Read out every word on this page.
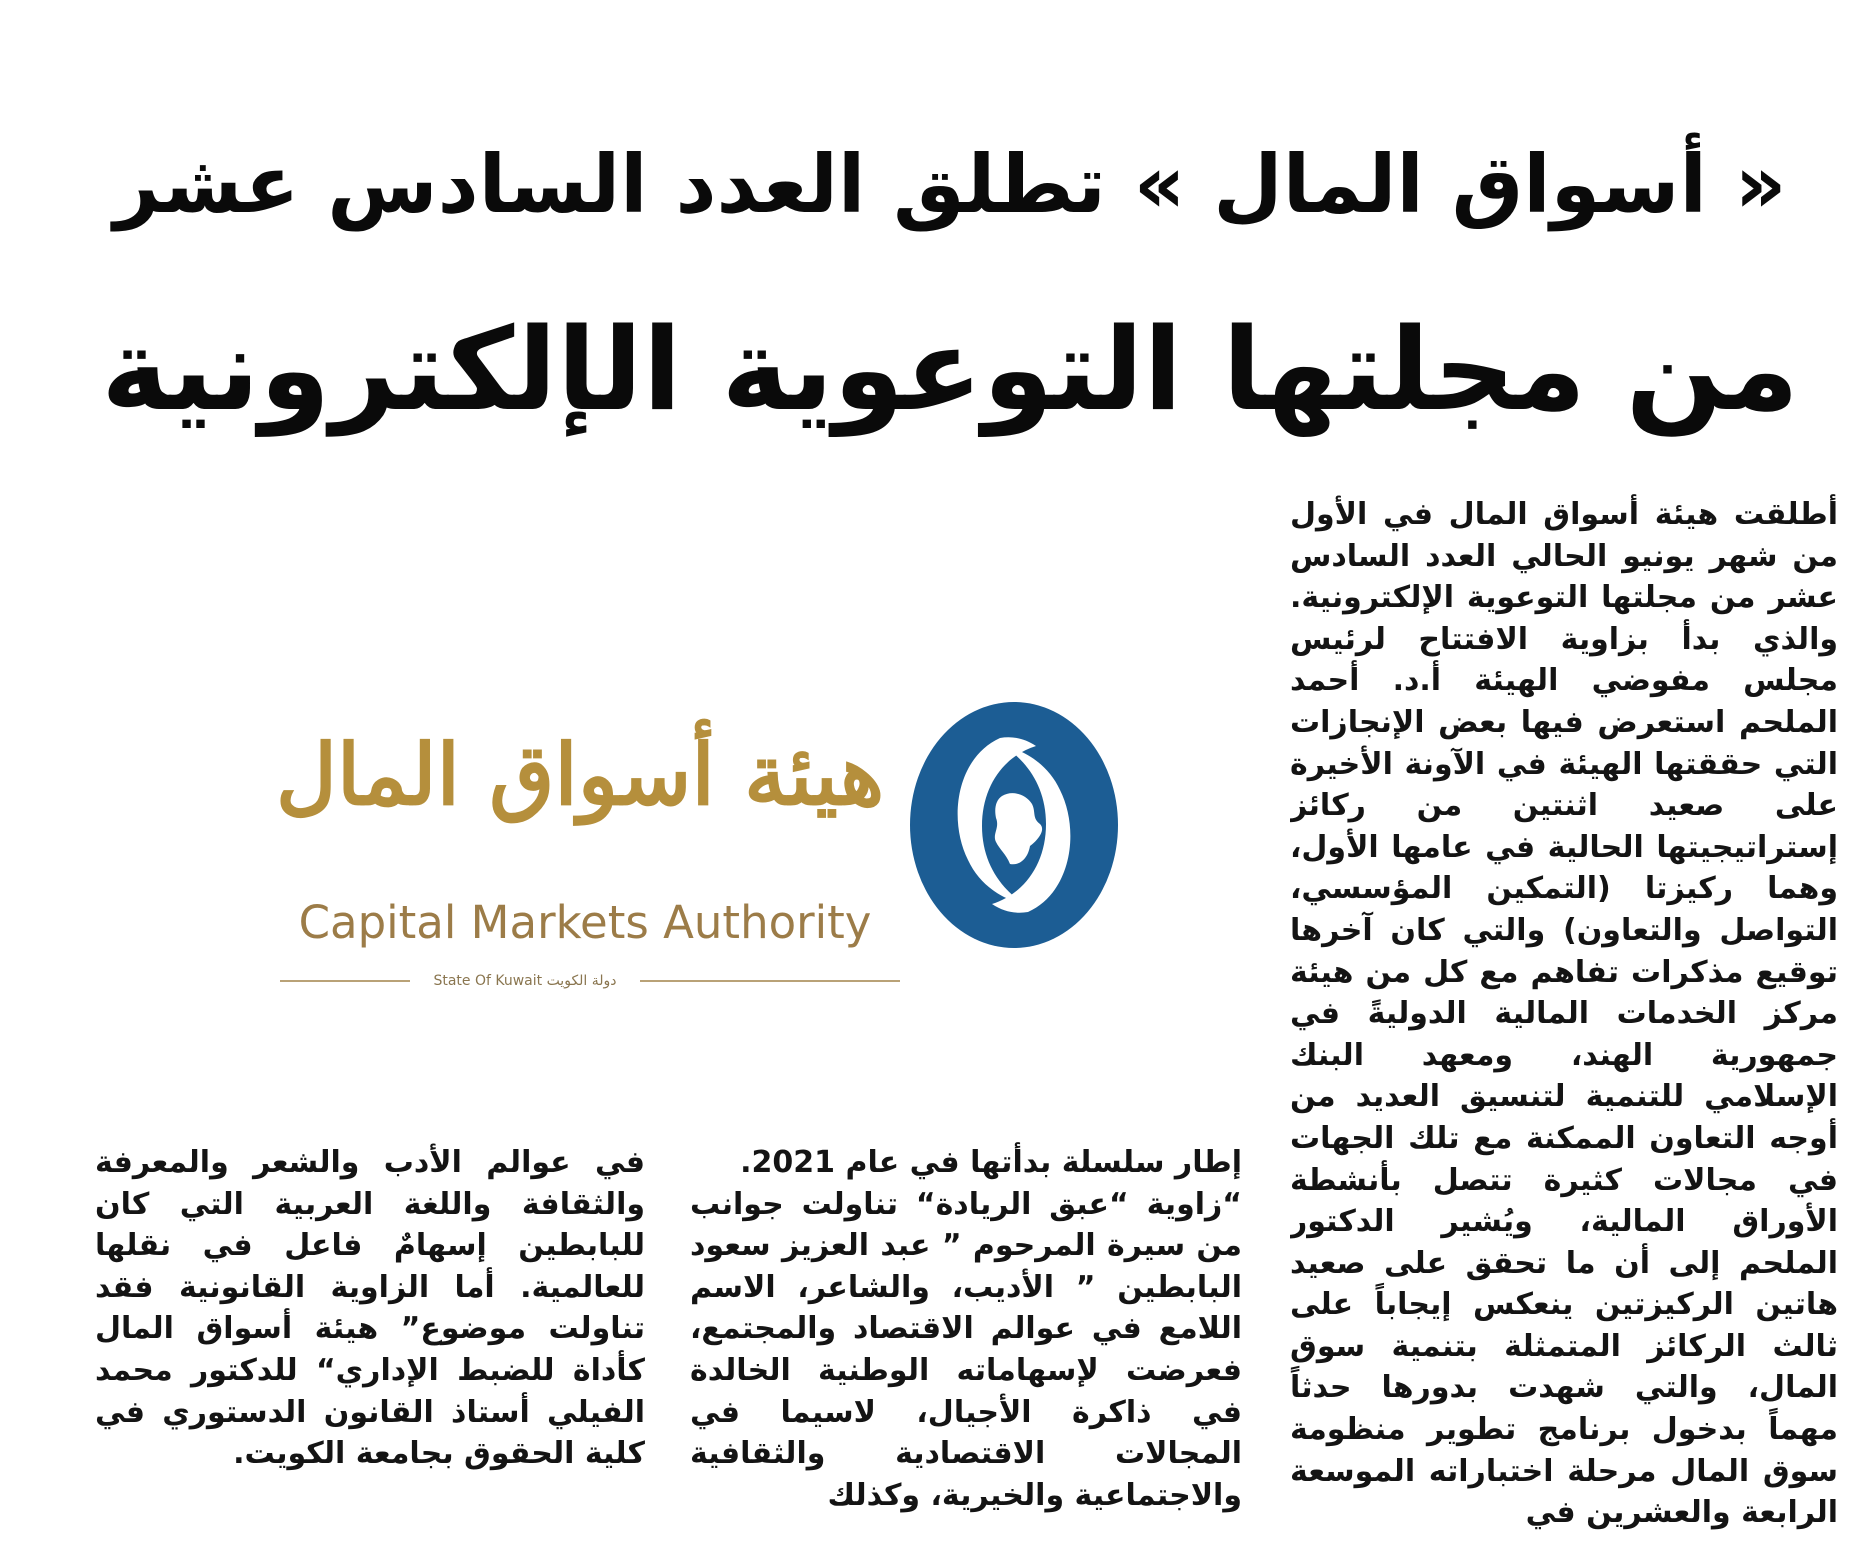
« أسواق المال » تطلق العدد السادس عشر
من مجلتها التوعوية الإلكترونية

هيئة أسواق المال

Capital Markets Authority

State Of Kuwait دولة الكويت

أطلقت هيئة أسواق المال في الأول من شهر يونيو الحالي العدد السادس عشر من مجلتها التوعوية الإلكترونية. والذي بدأ بزاوية الافتتاح لرئيس مجلس مفوضي الهيئة أ.د. أحمد الملحم استعرض فيها بعض الإنجازات التي حققتها الهيئة في الآونة الأخيرة على صعيد اثنتين من ركائز إستراتيجيتها الحالية في عامها الأول، وهما ركيزتا (التمكين المؤسسي، التواصل والتعاون) والتي كان آخرها توقيع مذكرات تفاهم مع كل من هيئة مركز الخدمات المالية الدوليةً في جمهورية الهند، ومعهد البنك الإسلامي للتنمية لتنسيق العديد من أوجه التعاون الممكنة مع تلك الجهات في مجالات كثيرة تتصل بأنشطة الأوراق المالية، ويُشير الدكتور الملحم إلى أن ما تحقق على صعيد هاتين الركيزتين ينعكس إيجاباً على ثالث الركائز المتمثلة بتنمية سوق المال، والتي شهدت بدورها حدثاً مهماً بدخول برنامج تطوير منظومة سوق المال مرحلة اختباراته الموسعة الرابعة والعشرين في

إطار سلسلة بدأتها في عام 2021.

“زاوية “عبق الريادة“ تناولت جوانب من سيرة المرحوم ” عبد العزيز سعود البابطين ” الأديب، والشاعر، الاسم اللامع في عوالم الاقتصاد والمجتمع، فعرضت لإسهاماته الوطنية الخالدة في ذاكرة الأجيال، لاسيما في المجالات الاقتصادية والثقافية والاجتماعية والخيرية، وكذلك

في عوالم الأدب والشعر والمعرفة والثقافة واللغة العربية التي كان للبابطين إسهامٌ فاعل في نقلها للعالمية. أما الزاوية القانونية فقد تناولت موضوع” هيئة أسواق المال كأداة للضبط الإداري“ للدكتور محمد الفيلي أستاذ القانون الدستوري في كلية الحقوق بجامعة الكويت.
